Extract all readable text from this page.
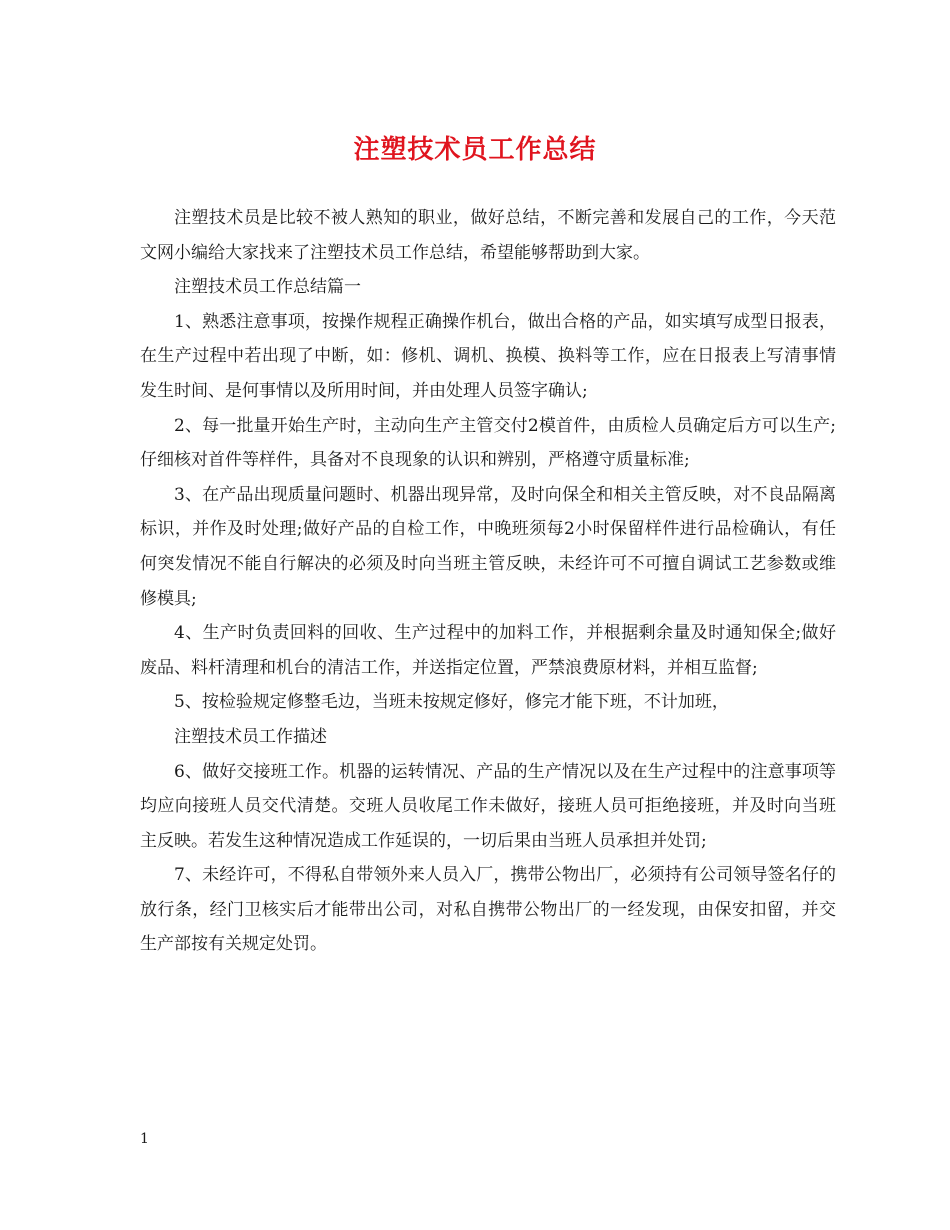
注塑技术员工作总结

注塑技术员是比较不被人熟知的职业，做好总结，不断完善和发展自己的工作，今天范文网小编给大家找来了注塑技术员工作总结，希望能够帮助到大家。

注塑技术员工作总结篇一

1、熟悉注意事项，按操作规程正确操作机台，做出合格的产品，如实填写成型日报表，在生产过程中若出现了中断，如：修机、调机、换模、换料等工作，应在日报表上写清事情发生时间、是何事情以及所用时间，并由处理人员签字确认;

2、每一批量开始生产时，主动向生产主管交付2模首件，由质检人员确定后方可以生产;仔细核对首件等样件，具备对不良现象的认识和辨别，严格遵守质量标准;

3、在产品出现质量问题时、机器出现异常，及时向保全和相关主管反映，对不良品隔离标识，并作及时处理;做好产品的自检工作，中晚班须每2小时保留样件进行品检确认，有任何突发情况不能自行解决的必须及时向当班主管反映，未经许可不可擅自调试工艺参数或维修模具;

4、生产时负责回料的回收、生产过程中的加料工作，并根据剩余量及时通知保全;做好废品、料杆清理和机台的清洁工作，并送指定位置，严禁浪费原材料，并相互监督;

5、按检验规定修整毛边，当班未按规定修好，修完才能下班，不计加班，

注塑技术员工作描述

6、做好交接班工作。机器的运转情况、产品的生产情况以及在生产过程中的注意事项等均应向接班人员交代清楚。交班人员收尾工作未做好，接班人员可拒绝接班，并及时向当班主反映。若发生这种情况造成工作延误的，一切后果由当班人员承担并处罚;

7、未经许可，不得私自带领外来人员入厂，携带公物出厂，必须持有公司领导签名仔的放行条，经门卫核实后才能带出公司，对私自携带公物出厂的一经发现，由保安扣留，并交生产部按有关规定处罚。

1
